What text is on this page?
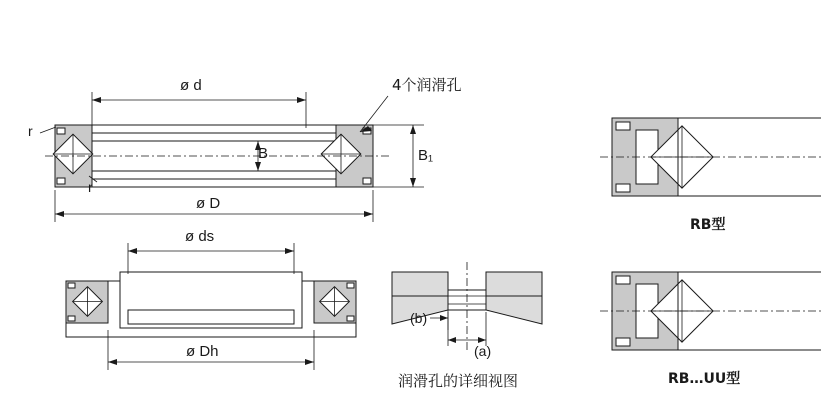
ø d
ø D
B	B₁
r
r
4个润滑孔
ø ds
ø Dh	(a)
(b)
润滑孔的详细视图
RB型
RB…UU型
